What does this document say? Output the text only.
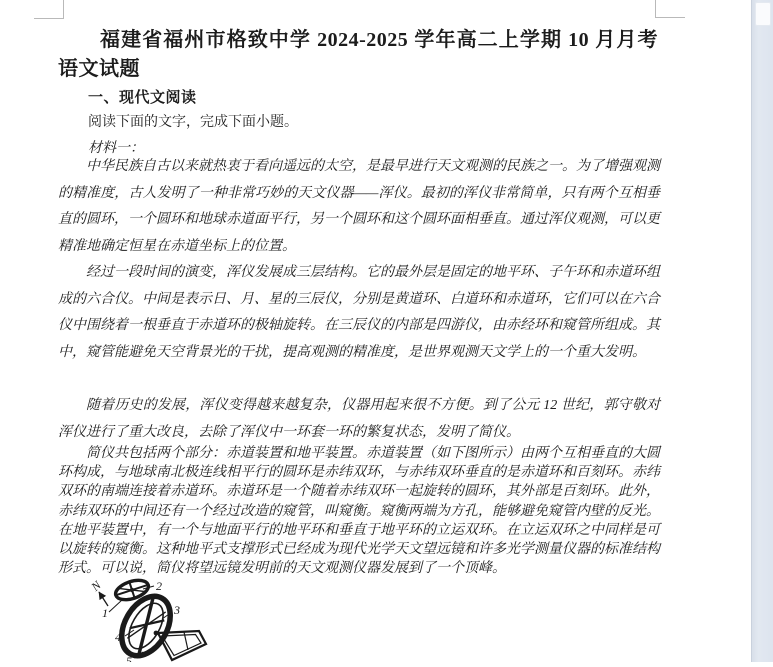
福建省福州市格致中学 2024-2025 学年高二上学期 10 月月考语文试题
一、现代文阅读
阅读下面的文字，完成下面小题。
材料一：
中华民族自古以来就热衷于看向遥远的太空，是最早进行天文观测的民族之一。为了增强观测的精准度，古人发明了一种非常巧妙的天文仪器——浑仪。最初的浑仪非常简单，只有两个互相垂直的圆环，一个圆环和地球赤道面平行，另一个圆环和这个圆环面相垂直。通过浑仪观测，可以更精准地确定恒星在赤道坐标上的位置。
经过一段时间的演变，浑仪发展成三层结构。它的最外层是固定的地平环、子午环和赤道环组成的六合仪。中间是表示日、月、星的三辰仪，分别是黄道环、白道环和赤道环，它们可以在六合仪中围绕着一根垂直于赤道环的极轴旋转。在三辰仪的内部是四游仪，由赤经环和窥管所组成。其中，窥管能避免天空背景光的干扰，提高观测的精准度，是世界观测天文学上的一个重大发明。
随着历史的发展，浑仪变得越来越复杂，仪器用起来很不方便。到了公元 12 世纪，郭守敬对浑仪进行了重大改良，去除了浑仪中一环套一环的繁复状态，发明了简仪。
简仪共包括两个部分：赤道装置和地平装置。赤道装置（如下图所示）由两个互相垂直的大圆环构成，与地球南北极连线相平行的圆环是赤纬双环，与赤纬双环垂直的是赤道环和百刻环。赤纬双环的南端连接着赤道环。赤道环是一个随着赤纬双环一起旋转的圆环，其外部是百刻环。此外，赤纬双环的中间还有一个经过改造的窥管，叫窥衡。窥衡两端为方孔，能够避免窥管内壁的反光。在地平装置中，有一个与地面平行的地平环和垂直于地平环的立运双环。在立运双环之中同样是可以旋转的窥衡。这种地平式支撑形式已经成为现代光学天文望远镜和许多光学测量仪器的标准结构形式。可以说，简仪将望远镜发明前的天文观测仪器发展到了一个顶峰。
N
1
2
3
4
5
